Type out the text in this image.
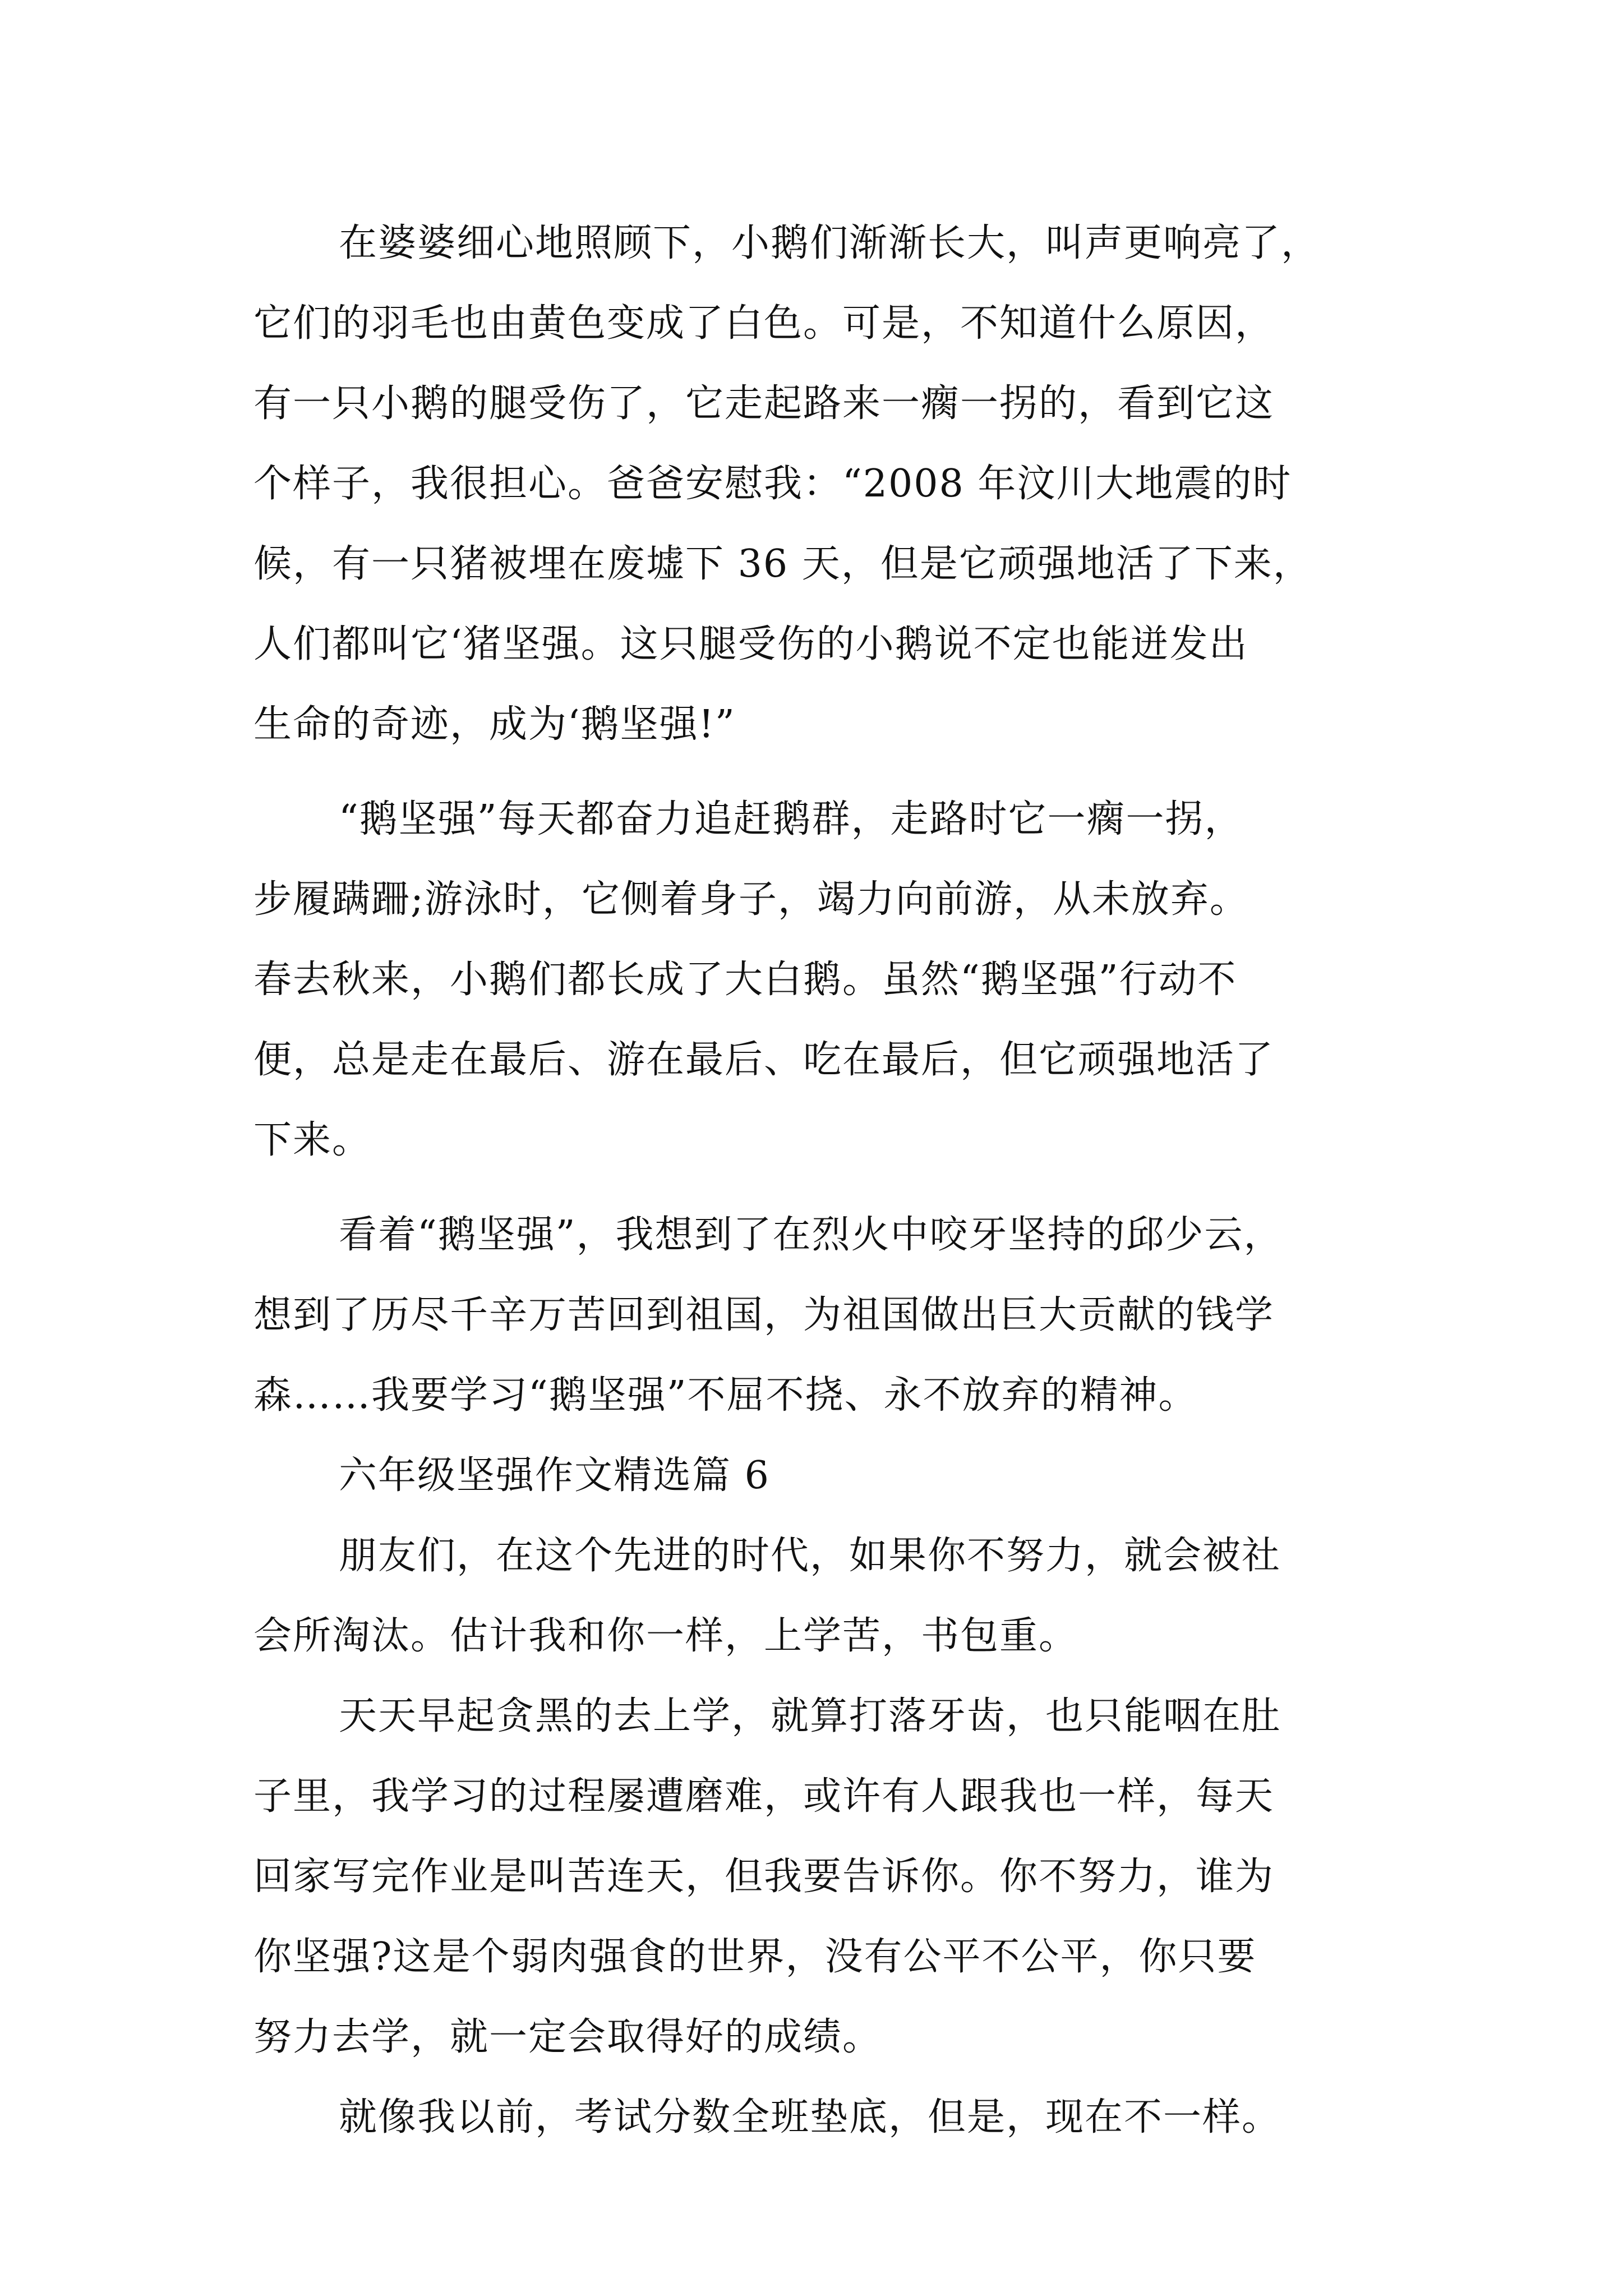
在婆婆细心地照顾下，小鹅们渐渐长大，叫声更响亮了，
它们的羽毛也由黄色变成了白色。可是，不知道什么原因，
有一只小鹅的腿受伤了，它走起路来一瘸一拐的，看到它这
个样子，我很担心。爸爸安慰我：“2008 年汶川大地震的时
候，有一只猪被埋在废墟下 36 天，但是它顽强地活了下来，
人们都叫它‘猪坚强。这只腿受伤的小鹅说不定也能迸发出
生命的奇迹，成为‘鹅坚强!”
“鹅坚强”每天都奋力追赶鹅群，走路时它一瘸一拐，
步履蹒跚;游泳时，它侧着身子，竭力向前游，从未放弃。
春去秋来，小鹅们都长成了大白鹅。虽然“鹅坚强”行动不
便，总是走在最后、游在最后、吃在最后，但它顽强地活了
下来。
看着“鹅坚强”，我想到了在烈火中咬牙坚持的邱少云，
想到了历尽千辛万苦回到祖国，为祖国做出巨大贡献的钱学
森……我要学习“鹅坚强”不屈不挠、永不放弃的精神。
六年级坚强作文精选篇 6
朋友们，在这个先进的时代，如果你不努力，就会被社
会所淘汰。估计我和你一样，上学苦，书包重。
天天早起贪黑的去上学，就算打落牙齿，也只能咽在肚
子里，我学习的过程屡遭磨难，或许有人跟我也一样，每天
回家写完作业是叫苦连天，但我要告诉你。你不努力，谁为
你坚强?这是个弱肉强食的世界，没有公平不公平，你只要
努力去学，就一定会取得好的成绩。
就像我以前，考试分数全班垫底，但是，现在不一样。
